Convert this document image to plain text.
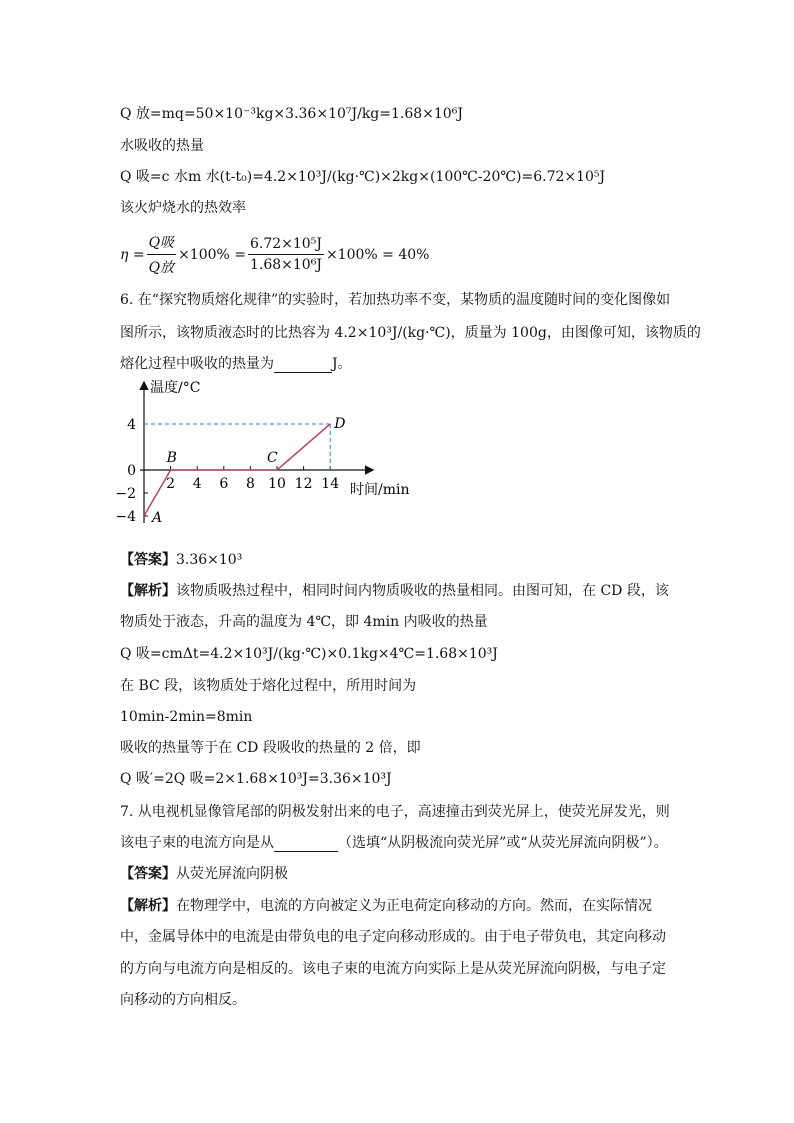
Q 放=mq=50×10⁻³kg×3.36×10⁷J/kg=1.68×10⁶J
水吸收的热量
Q 吸=c 水m 水(t-t₀)=4.2×10³J/(kg·℃)×2kg×(100℃-20℃)=6.72×10⁵J
该火炉烧水的热效率
$\eta = \frac{\text{Q吸}}{\text{Q放}} \times 100\% = \frac{\text{6.72×10⁵J}}{\text{1.68×10⁶J}} \times 100\% = 40\%$
6. 在“探究物质熔化规律”的实验时，若加热功率不变，某物质的温度随时间的变化图像如
图所示，该物质液态时的比热容为 4.2×10³J/(kg·℃)，质量为 100g，由图像可知，该物质的
熔化过程中吸收的热量为	J。
温度/°C
时间/min
2 4 6 8 10 12 14
4
0
−2
−4 A
B	C
D
【答案】3.36×10³
【解析】该物质吸热过程中，相同时间内物质吸收的热量相同。由图可知，在 CD 段，该
物质处于液态，升高的温度为 4℃，即 4min 内吸收的热量
Q 吸=cmΔt=4.2×10³J/(kg·℃)×0.1kg×4℃=1.68×10³J
在 BC 段，该物质处于熔化过程中，所用时间为
10min-2min=8min
吸收的热量等于在 CD 段吸收的热量的 2 倍，即
Q 吸′=2Q 吸=2×1.68×10³J=3.36×10³J
7. 从电视机显像管尾部的阴极发射出来的电子，高速撞击到荧光屏上，使荧光屏发光，则
该电子束的电流方向是从	（选填“从阴极流向荧光屏”或“从荧光屏流向阴极”）。
【答案】从荧光屏流向阴极
【解析】在物理学中，电流的方向被定义为正电荷定向移动的方向。然而，在实际情况
中，金属导体中的电流是由带负电的电子定向移动形成的。由于电子带负电，其定向移动
的方向与电流方向是相反的。该电子束的电流方向实际上是从荧光屏流向阴极，与电子定
向移动的方向相反。
